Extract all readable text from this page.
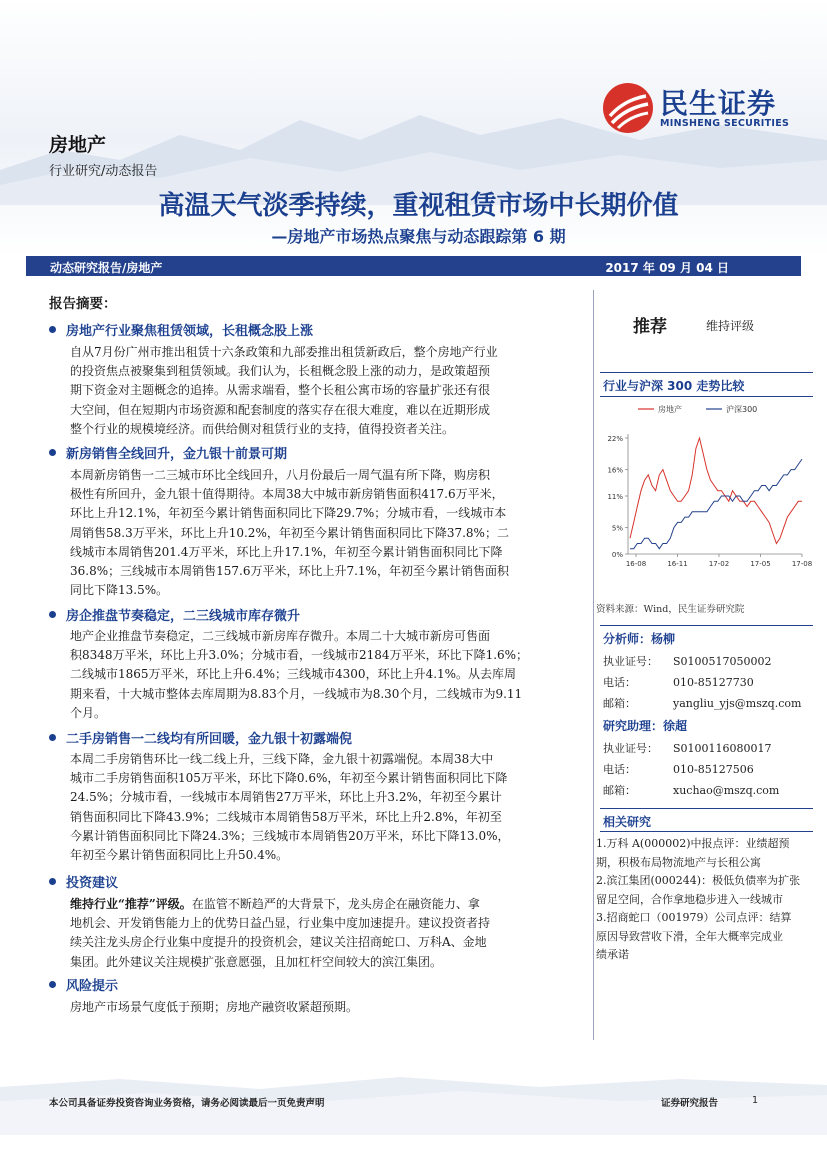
民生证券
MINSHENG SECURITIES
房地产
行业研究/动态报告
高温天气淡季持续，重视租赁市场中长期价值
—房地产市场热点聚焦与动态跟踪第 6 期
动态研究报告/房地产	2017 年 09 月 04 日
报告摘要：
房地产行业聚焦租赁领域，长租概念股上涨
自从7月份广州市推出租赁十六条政策和九部委推出租赁新政后，整个房地产行业
的投资焦点被聚集到租赁领域。我们认为，长租概念股上涨的动力，是政策超预
期下资金对主题概念的追捧。从需求端看，整个长租公寓市场的容量扩张还有很
大空间，但在短期内市场资源和配套制度的落实存在很大难度，难以在近期形成
整个行业的规模境经济。而供给侧对租赁行业的支持，值得投资者关注。
新房销售全线回升，金九银十前景可期
本周新房销售一二三城市环比全线回升，八月份最后一周气温有所下降，购房积
极性有所回升，金九银十值得期待。本周38大中城市新房销售面积417.6万平米，
环比上升12.1%，年初至今累计销售面积同比下降29.7%；分城市看，一线城市本
周销售58.3万平米，环比上升10.2%，年初至今累计销售面积同比下降37.8%；二
线城市本周销售201.4万平米，环比上升17.1%，年初至今累计销售面积同比下降
36.8%；三线城市本周销售157.6万平米，环比上升7.1%，年初至今累计销售面积
同比下降13.5%。
房企推盘节奏稳定，二三线城市库存微升
地产企业推盘节奏稳定，二三线城市新房库存微升。本周二十大城市新房可售面
积8348万平米，环比上升3.0%；分城市看，一线城市2184万平米，环比下降1.6%；
二线城市1865万平米，环比上升6.4%；三线城市4300，环比上升4.1%。从去库周
期来看，十大城市整体去库周期为8.83个月，一线城市为8.30个月，二线城市为9.11
个月。
二手房销售一二线均有所回暖，金九银十初露端倪
本周二手房销售环比一线二线上升，三线下降，金九银十初露端倪。本周38大中
城市二手房销售面积105万平米，环比下降0.6%，年初至今累计销售面积同比下降
24.5%；分城市看，一线城市本周销售27万平米，环比上升3.2%，年初至今累计
销售面积同比下降43.9%；二线城市本周销售58万平米，环比上升2.8%，年初至
今累计销售面积同比下降24.3%；三线城市本周销售20万平米，环比下降13.0%，
年初至今累计销售面积同比上升50.4%。
投资建议
维持行业“推荐”评级。在监管不断趋严的大背景下，龙头房企在融资能力、拿
地机会、开发销售能力上的优势日益凸显，行业集中度加速提升。建议投资者持
续关注龙头房企行业集中度提升的投资机会，建议关注招商蛇口、万科A、金地
集团。此外建议关注规模扩张意愿强，且加杠杆空间较大的滨江集团。
风险提示
房地产市场景气度低于预期；房地产融资收紧超预期。
推荐	维持评级
行业与沪深 300 走势比较
房地产	沪深300
22%
16%
11%
5%
0%
16-08	16-11	17-02	17-05	17-08
资料来源：Wind，民生证券研究院
分析师：杨柳
执业证号： S0100517050002
电话：	010-85127730
邮箱：	yangliu_yjs@mszq.com
研究助理：徐超
执业证号： S0100116080017
电话：	010-85127506
邮箱：	xuchao@mszq.com
相关研究
1.万科 A(000002)中报点评：业绩超预
期，积极布局物流地产与长租公寓
2.滨江集团(000244)：极低负债率为扩张
留足空间，合作拿地稳步进入一线城市
3.招商蛇口（001979）公司点评：结算
原因导致营收下滑，全年大概率完成业
绩承诺
本公司具备证券投资咨询业务资格，请务必阅读最后一页免责声明	证券研究报告	1
